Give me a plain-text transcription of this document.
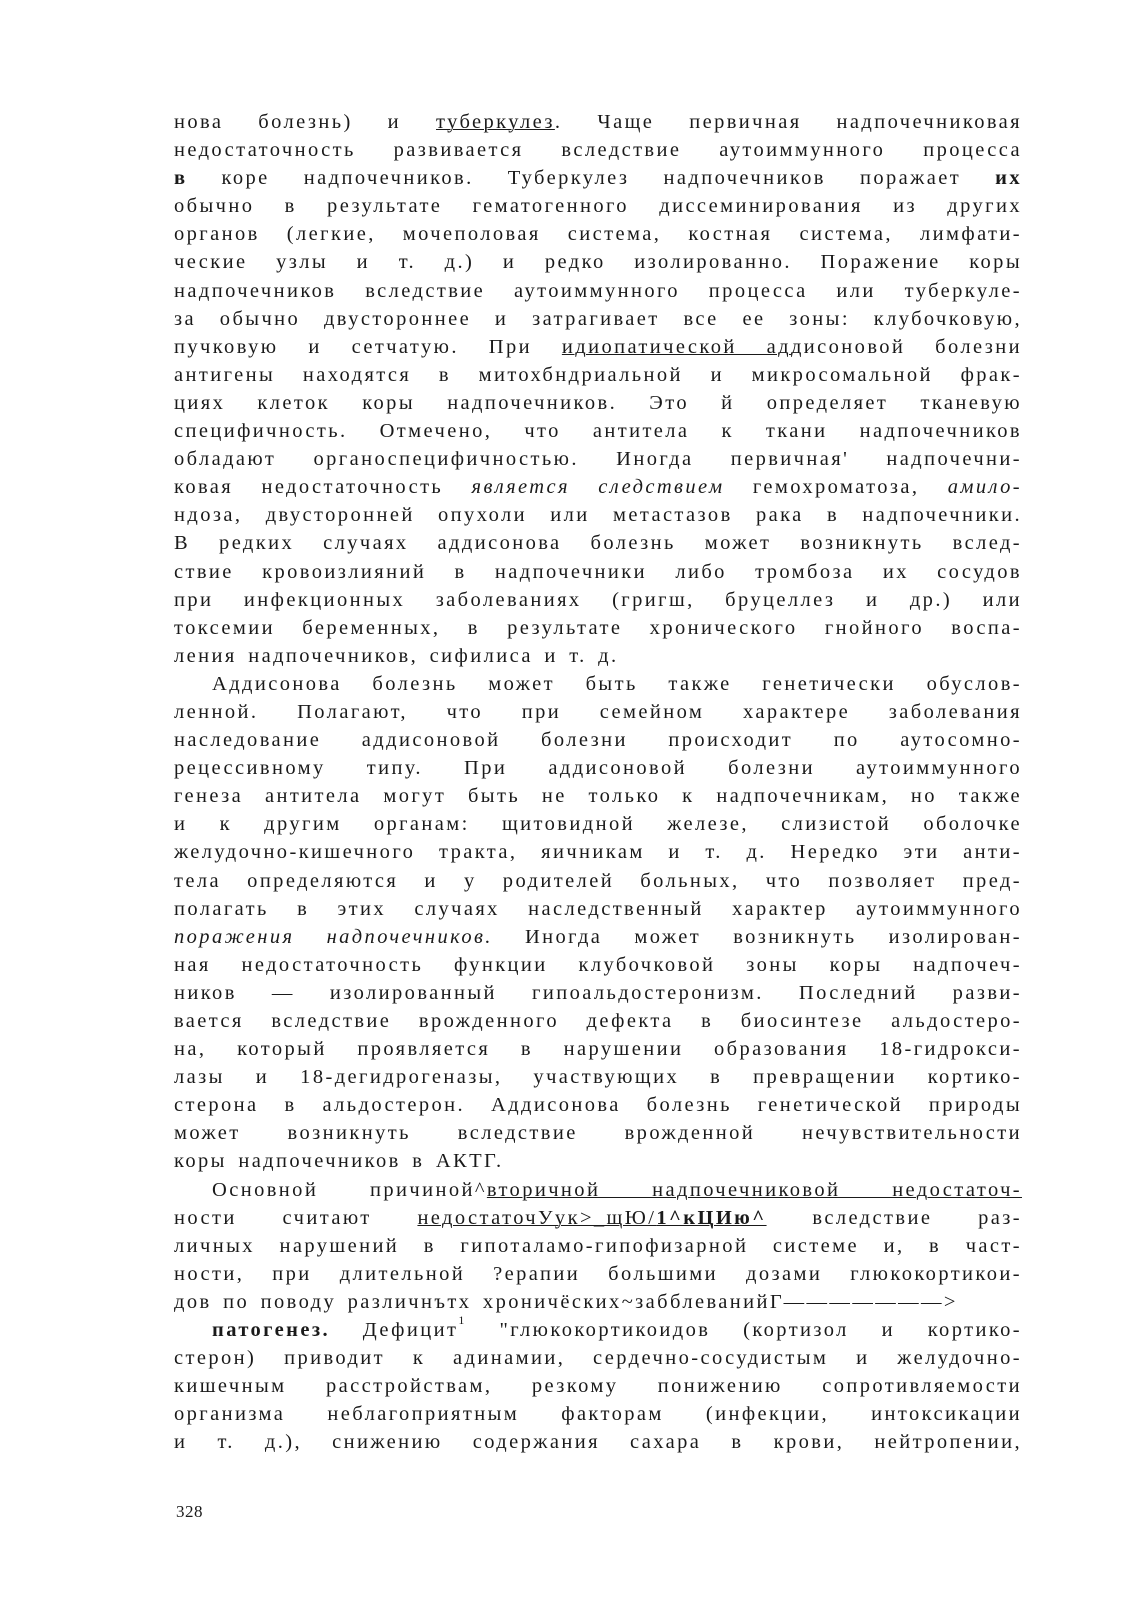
нова болезнь) и туберкулез. Чаще первичная надпочечниковая
недостаточность развивается вследствие аутоиммунного процесса
в коре надпочечников. Туберкулез надпочечников поражает их
обычно в результате гематогенного диссеминирования из других
органов (легкие, мочеполовая система, костная система, лимфати-
ческие узлы и т. д.) и редко изолированно. Поражение коры
надпочечников вследствие аутоиммунного процесса или туберкуле-
за обычно двустороннее и затрагивает все ее зоны: клубочковую,
пучковую и сетчатую. При идиопатической аддисоновой болезни
антигены находятся в митохбндриальной и микросомальной фрак-
циях клеток коры надпочечников. Это й определяет тканевую
специфичность. Отмечено, что антитела к ткани надпочечников
обладают органоспецифичностью. Иногда первичная' надпочечни-
ковая недостаточность является следствием гемохроматоза, амило-
ндоза, двусторонней опухоли или метастазов рака в надпочечники.
В редких случаях аддисонова болезнь может возникнуть вслед-
ствие кровоизлияний в надпочечники либо тромбоза их сосудов
при инфекционных заболеваниях (григш, бруцеллез и др.) или
токсемии беременных, в результате хронического гнойного воспа-
ления надпочечников, сифилиса и т. д.
Аддисонова болезнь может быть также генетически обуслов-
ленной. Полагают, что при семейном характере заболевания
наследование аддисоновой болезни происходит по аутосомно-
рецессивному типу. При аддисоновой болезни аутоиммунного
генеза антитела могут быть не только к надпочечникам, но также
и к другим органам: щитовидной железе, слизистой оболочке
желудочно-кишечного тракта, яичникам и т. д. Нередко эти анти-
тела определяются и у родителей больных, что позволяет пред-
полагать в этих случаях наследственный характер аутоиммунного
поражения надпочечников. Иногда может возникнуть изолирован-
ная недостаточность функции клубочковой зоны коры надпочеч-
ников — изолированный гипоальдостеронизм. Последний разви-
вается вследствие врожденного дефекта в биосинтезе альдостеро-
на, который проявляется в нарушении образования 18-гидрокси-
лазы и 18-дегидрогеназы, участвующих в превращении кортико-
стерона в альдостерон. Аддисонова болезнь генетической природы
может возникнуть вследствие врожденной нечувствительности
коры надпочечников в АКТГ.
Основной причиной^вторичной надпочечниковой недостаточ-
ности считают недостаточУук>_щЮ/1^кЦИю^ вследствие раз-
личных нарушений в гипоталамо-гипофизарной системе и, в част-
ности, при длительной ?ерапии большими дозами глюкокортикои-
дов по поводу различнътх хроничёских~забблеванийГ———————>
патогенез. Дефицит$^1$ "глюкокортикоидов (кортизол и кортико-
стерон) приводит к адинамии, сердечно-сосудистым и желудочно-
кишечным расстройствам, резкому понижению сопротивляемости
организма неблагоприятным факторам (инфекции, интоксикации
и т. д.), снижению содержания сахара в крови, нейтропении,
328
